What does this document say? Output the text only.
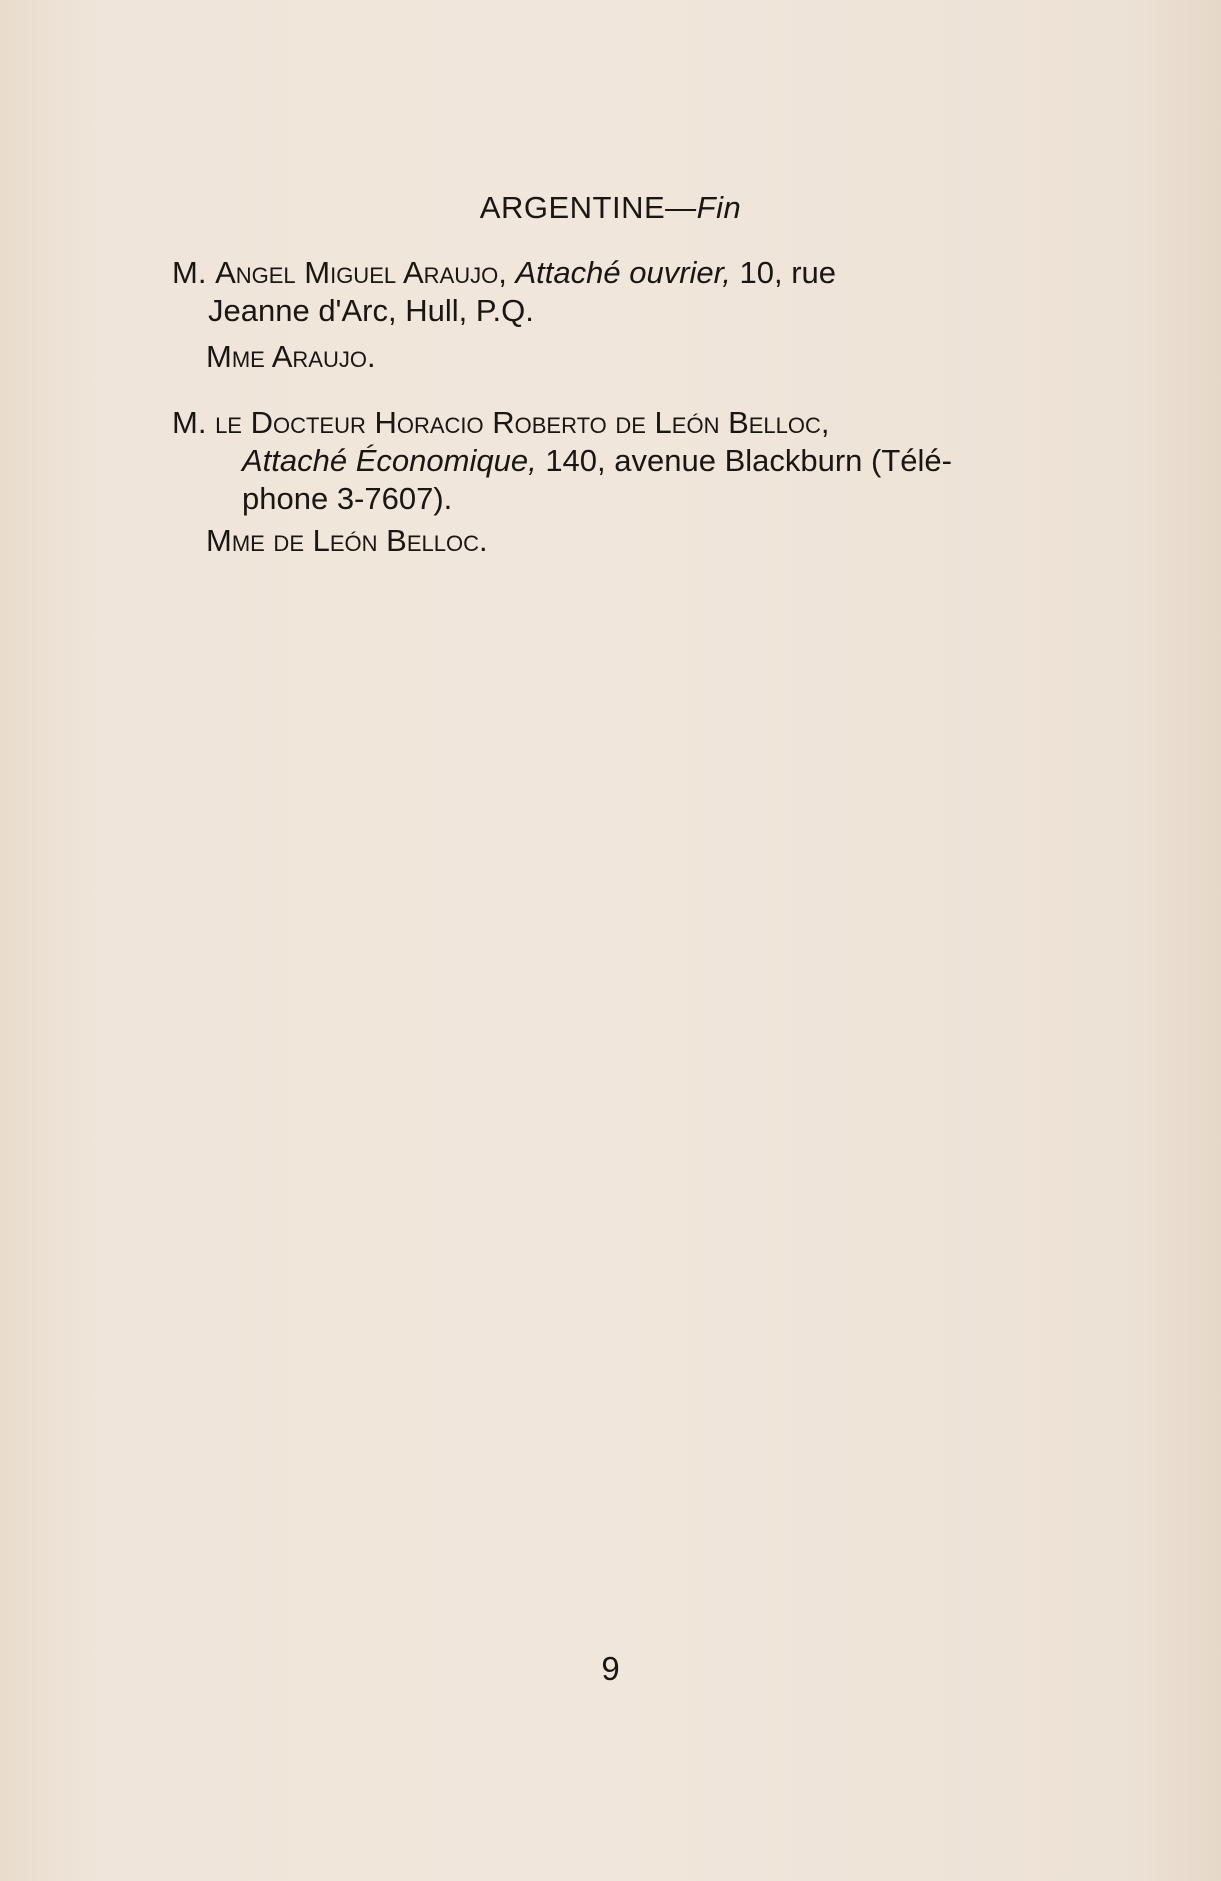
ARGENTINE—Fin
M. Angel Miguel Araujo, Attaché ouvrier, 10, rue
Jeanne d'Arc, Hull, P.Q.
Mme Araujo.
M. le Docteur Horacio Roberto de León Belloc,
Attaché Économique, 140, avenue Blackburn (Télé-
phone 3-7607).
Mme de León Belloc.
9
